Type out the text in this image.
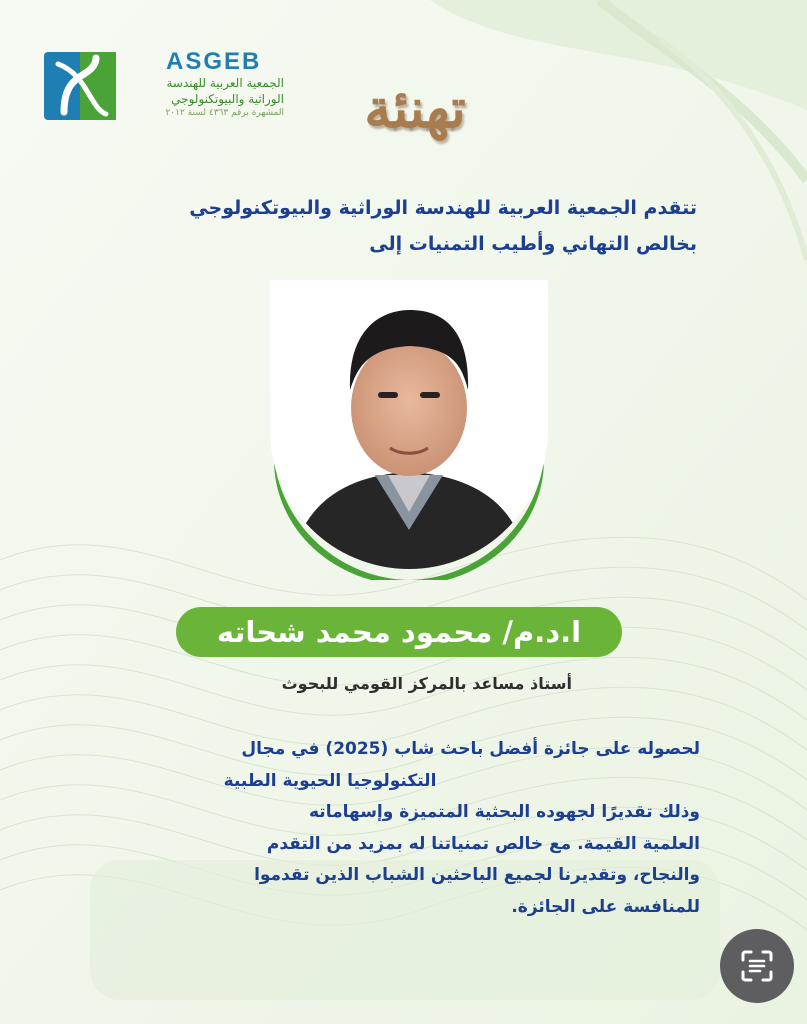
ASGEB
الجمعية العربية للهندسة
الوراثية والبيوتكنولوجي
المشهرة برقم ٤٣٦٣ لسنة ٢٠١٢	تهنئة
تتقدم الجمعية العربية للهندسة الوراثية والبيوتكنولوجي
بخالص التهاني وأطيب التمنيات إلى
ا.د.م/ محمود محمد شحاته
أستاذ مساعد بالمركز القومي للبحوث
لحصوله على جائزة أفضل باحث شاب (2025) في مجال
التكنولوجيا الحيوية الطبية
وذلك تقديرًا لجهوده البحثية المتميزة وإسهاماته
العلمية القيمة. مع خالص تمنياتنا له بمزيد من التقدم
والنجاح، وتقديرنا لجميع الباحثين الشباب الذين تقدموا
للمنافسة على الجائزة.
